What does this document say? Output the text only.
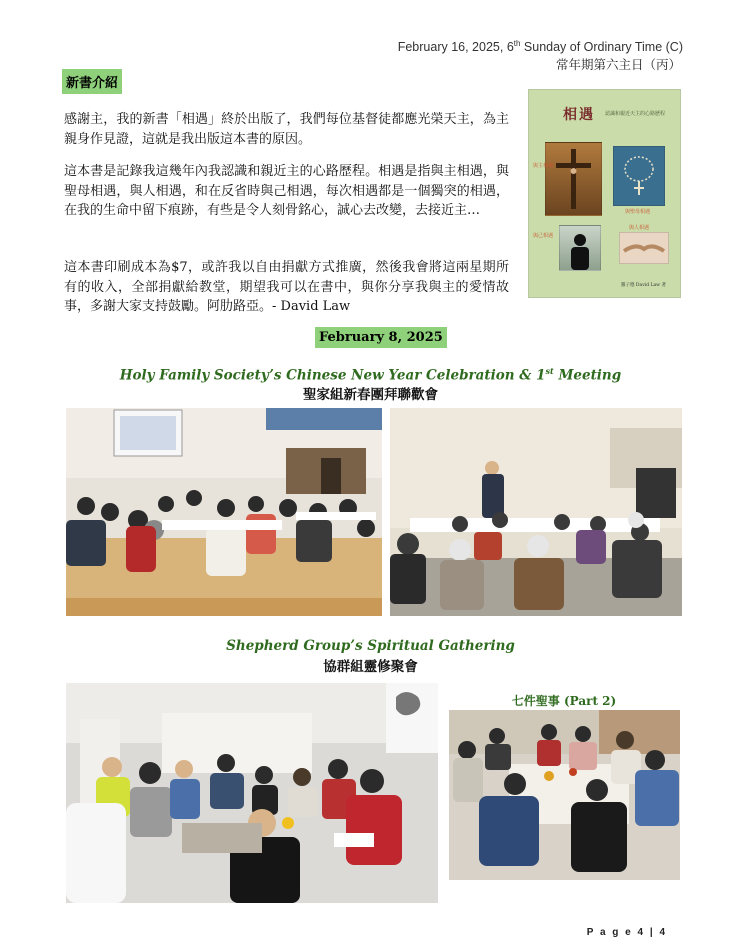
February 16, 2025, 6th Sunday of Ordinary Time (C)
常年期第六主日（丙）
新書介紹
感謝主，我的新書「相遇」終於出版了，我們每位基督徒都應光榮天主，為主親身作見證，這就是我出版這本書的原因。
這本書是記錄我這幾年內我認識和親近主的心路歷程。相遇是指與主相遇，與聖母相遇，與人相遇，和在反省時與己相遇，每次相遇都是一個獨突的相遇，在我的生命中留下痕跡，有些是令人刻骨銘心，誠心去改變，去接近主…
這本書印刷成本為$7，或許我以自由捐獻方式推廣，然後我會將這兩星期所有的收入，全部捐獻給教堂，期望我可以在書中，與你分享我與主的愛情故事，多謝大家支持鼓勵。阿肋路亞。- David Law
相遇 認識和親近天主的心路歷程
與主相遇
與聖母相遇
與己相遇
與人相遇
羅子德 David Law 著
February 8, 2025
Holy Family Society’s Chinese New Year Celebration & 1st Meeting
聖家組新春團拜聯歡會
Shepherd Group’s Spiritual Gathering
協群組靈修聚會
七件聖事 (Part 2)
P a g e 4 | 4
